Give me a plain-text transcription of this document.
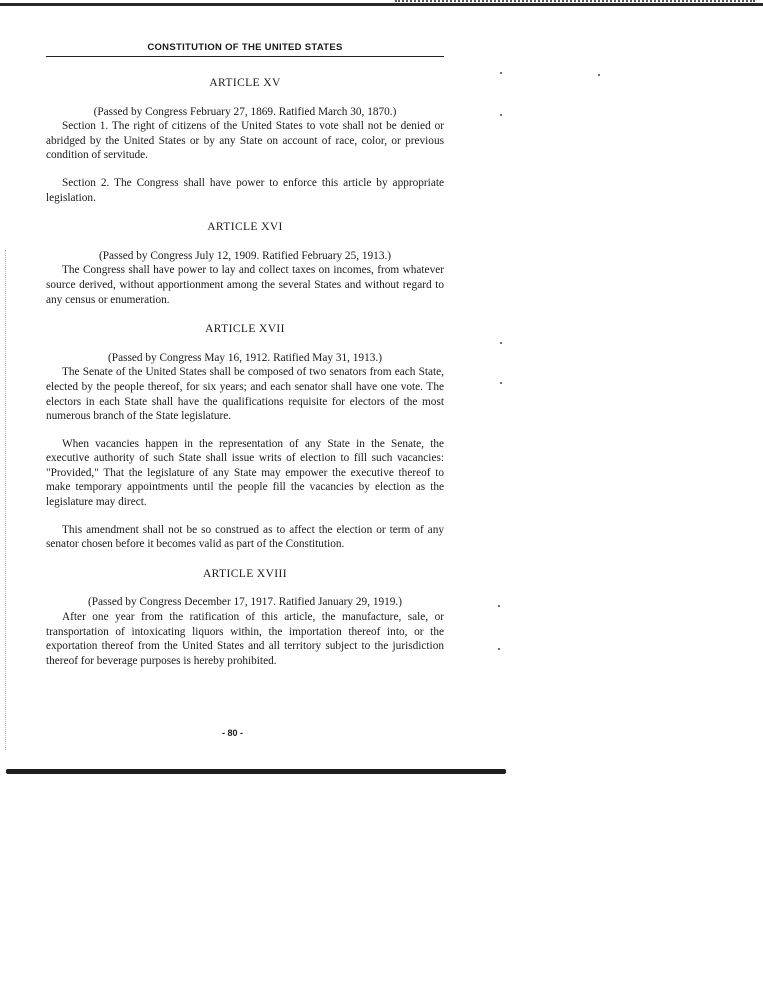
CONSTITUTION OF THE UNITED STATES
ARTICLE XV

(Passed by Congress February 27, 1869. Ratified March 30, 1870.)

Section 1. The right of citizens of the United States to vote shall not be denied or abridged by the United States or by any State on account of race, color, or previous condition of servitude.

Section 2. The Congress shall have power to enforce this article by appropriate legislation.

ARTICLE XVI

(Passed by Congress July 12, 1909. Ratified February 25, 1913.)

The Congress shall have power to lay and collect taxes on incomes, from whatever source derived, without apportionment among the several States and without regard to any census or enumeration.

ARTICLE XVII

(Passed by Congress May 16, 1912. Ratified May 31, 1913.)

The Senate of the United States shall be composed of two senators from each State, elected by the people thereof, for six years; and each senator shall have one vote. The electors in each State shall have the qualifications requisite for electors of the most numerous branch of the State legislature.

When vacancies happen in the representation of any State in the Senate, the executive authority of such State shall issue writs of election to fill such vacancies: "Provided," That the legislature of any State may empower the executive thereof to make temporary appointments until the people fill the vacancies by election as the legislature may direct.

This amendment shall not be so construed as to affect the election or term of any senator chosen before it becomes valid as part of the Constitution.

ARTICLE XVIII

(Passed by Congress December 17, 1917. Ratified January 29, 1919.)

After one year from the ratification of this article, the manufacture, sale, or transportation of intoxicating liquors within, the importation thereof into, or the exportation thereof from the United States and all territory subject to the jurisdiction thereof for beverage purposes is hereby prohibited.

- 80 -
